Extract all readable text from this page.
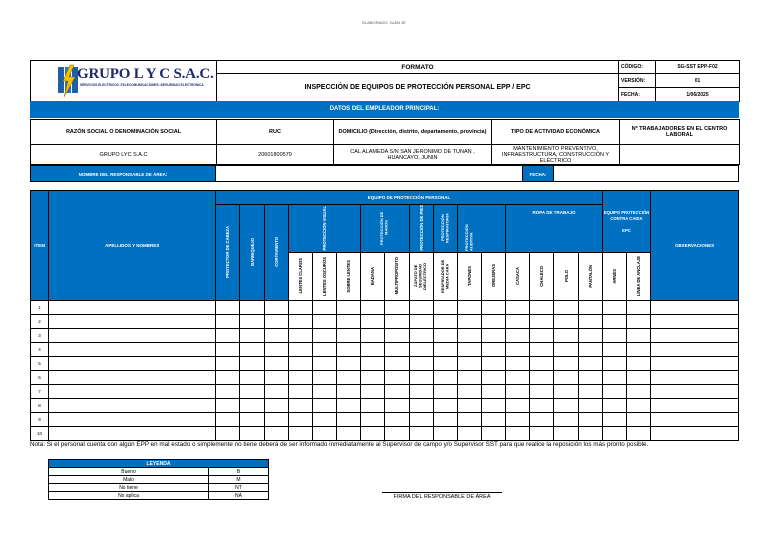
ELABORADO: JUAN JE
	FORMATO	CÓDIGO:	SG-SST EPP-F02
	INSPECCIÓN DE EQUIPOS DE PROTECCIÓN PERSONAL EPP / EPC	VERSIÓN:	01
		FECHA:	1/06/2025
GRUPO L Y C S.A.C.
SERVICIOS ELECTRICOS •TELECOMUNICACIONES •SEGURIDAD ELECTRONICA
DATOS DEL EMPLEADOR PRINCIPAL:
RAZÓN SOCIAL O DENOMINACIÓN SOCIAL	RUC	DOMICILIO (Dirección, distrito, departamento, provincia)	TIPO DE ACTIVIDAD ECONÓMICA	Nº TRABAJADORES EN EL CENTRO LABORAL
GRUPO LYC S.A.C	20601800579	CAL ALAMEDA S/N SAN JERONIMO DE TUNAN , HUANCAYO, JUNIN	MANTENIMIENTO PREVENTIVO, INFRAESTRUCTURA, CONSTRUCCIÓN Y ELÉCTRICO	
NOMBRE DEL RESPONSABLE DE ÁREA:	FECHA:
ITEM	APELLIDOS Y NOMBRES	EQUIPO DE PROTECCIÓN PERSONAL																EQUIPO PROTECCIÓN CONTRA CAIDA
EPC		OBSERVACIONES
		PROTECTOR DE CABEZA	BARBIQUEJO	CORTAVIENTO	PROTECCIÓN VISUAL			PROTECCIÓN DE MANOS		PROTECCIÓN DE PIES	PROTECCIÓN RESPIRATORIA	PROTECCIÓN AUDITIVA		ROPA DE TRABAJO						
					LENTES CLAROS	LENTES OSCUROS	SOBRE LENTES	BADANA	MULTIPROPÓSITO	ZAPATO DE SEGURIDAD DIELÉCTRICO	RESPIRADOR DE MEDIA CARA	TAPONES	OREJERAS	CASACA	CHALECO	POLO	PANTALÓN	ARNÉS	LÍNEA DE ANCLAJE	
1																				
2																				
3																				
4																				
5																				
6																				
7																				
8																				
9																				
10																				
Nota: Si el personal cuenta con algún EPP en mal estado o simplemente no tiene deberá de ser informado inmediatamente al Supervisor de campo y/o Supervisor SST para que realice la reposición los más pronto posible.
LEYENDA	
Bueno	B
Malo	M
No tiene	NT
No aplica	NA	FIRMA DEL RESPONSABLE DE ÁREA
